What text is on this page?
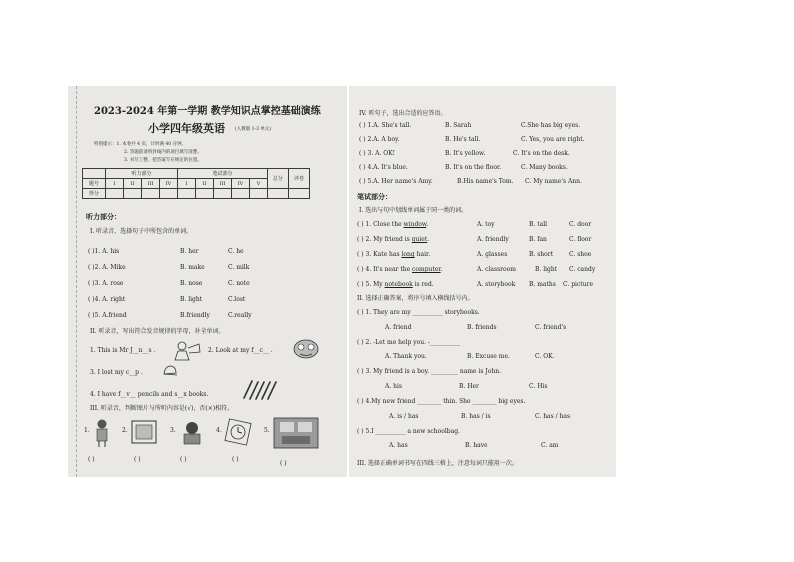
2023-2024 年第一学期 教学知识点掌控基础演练
小学四年级英语 (人教版 1-3 单元)
特别提示：1. 本卷共 4 页，计时满 40 分钟。
2. 答题前请将封线内的项目填写清楚。
3. 书写工整，把答案写在规定的位置。
	听力部分				笔试部分					总分	评卷
题号	I	II	III	IV	I	II	III	IV	V		
得分											
听力部分：
I. 听录音，选择句子中所包含的单词。
( )1. A. his	B. her	C. he
( )2. A. Mike	B. make	C. milk
( )3. A. rose	B. nose	C. note
( )4. A. right	B. light	C.lost
( )5. A.friend	B.friendly	C.really
II. 听录音，写出符合发音规律的字母，补全单词。
1. This is Mr J__n__s .	2. Look at my f__c__ .
3. I lost my c__p .
4. I have f__v__ pencils and s__x books.
III. 听录音，判断图片与所听内容是(√)，否(×)相符。
1.	2.	3.	4.	5.
( )	( )	( )	( )
( )
IV. 听句子，选出合适的应答语。
( ) 1.A. She's tall.	B. Sarah	C.She has big eyes.
( ) 2.A. A boy.	B. He's tall.	C. Yes, you are right.
( ) 3. A. OK!	B. It's yellow.	C. It's on the desk.
( ) 4.A. It's blue.	B. It's on the floor.	C. Many books.
( ) 5.A. Her name's Amy.	B.His name's Tom. C. My name's Ann.
笔试部分：
I. 选出与句中划线单词属于同一类的词。
( ) 1. Close the window.	A. toy	B. tall	C. door
( ) 2. My friend is quiet.	A. friendly	B. fan	C. floor
( ) 3. Kate has long hair.	A. glasses	B. short	C. shoe
( ) 4. It's near the computer.	A. classroom	B. light C. candy
( ) 5. My notebook is red.	A. storybook B. maths C. picture
II. 选择正确答案，将序号填入横线括号内。
( ) 1. They are my __________ storybooks.
A. friend	B. friends	C. friend's
( ) 2. -Let me help you. -__________
A. Thank you.	B. Excuse me.	C. OK.
( ) 3. My friend is a boy. _________ name is John.
A. his	B. Her	C. His
( ) 4.My new friend ________ thin. She ________ big eyes.
A. is / has	B. has / is	C. has / has
( ) 5.I __________ a new schoolbag.
A. has	B. have	C. am
III. 选择正确单词书写在四线三格上，注意每词只能用一次。
